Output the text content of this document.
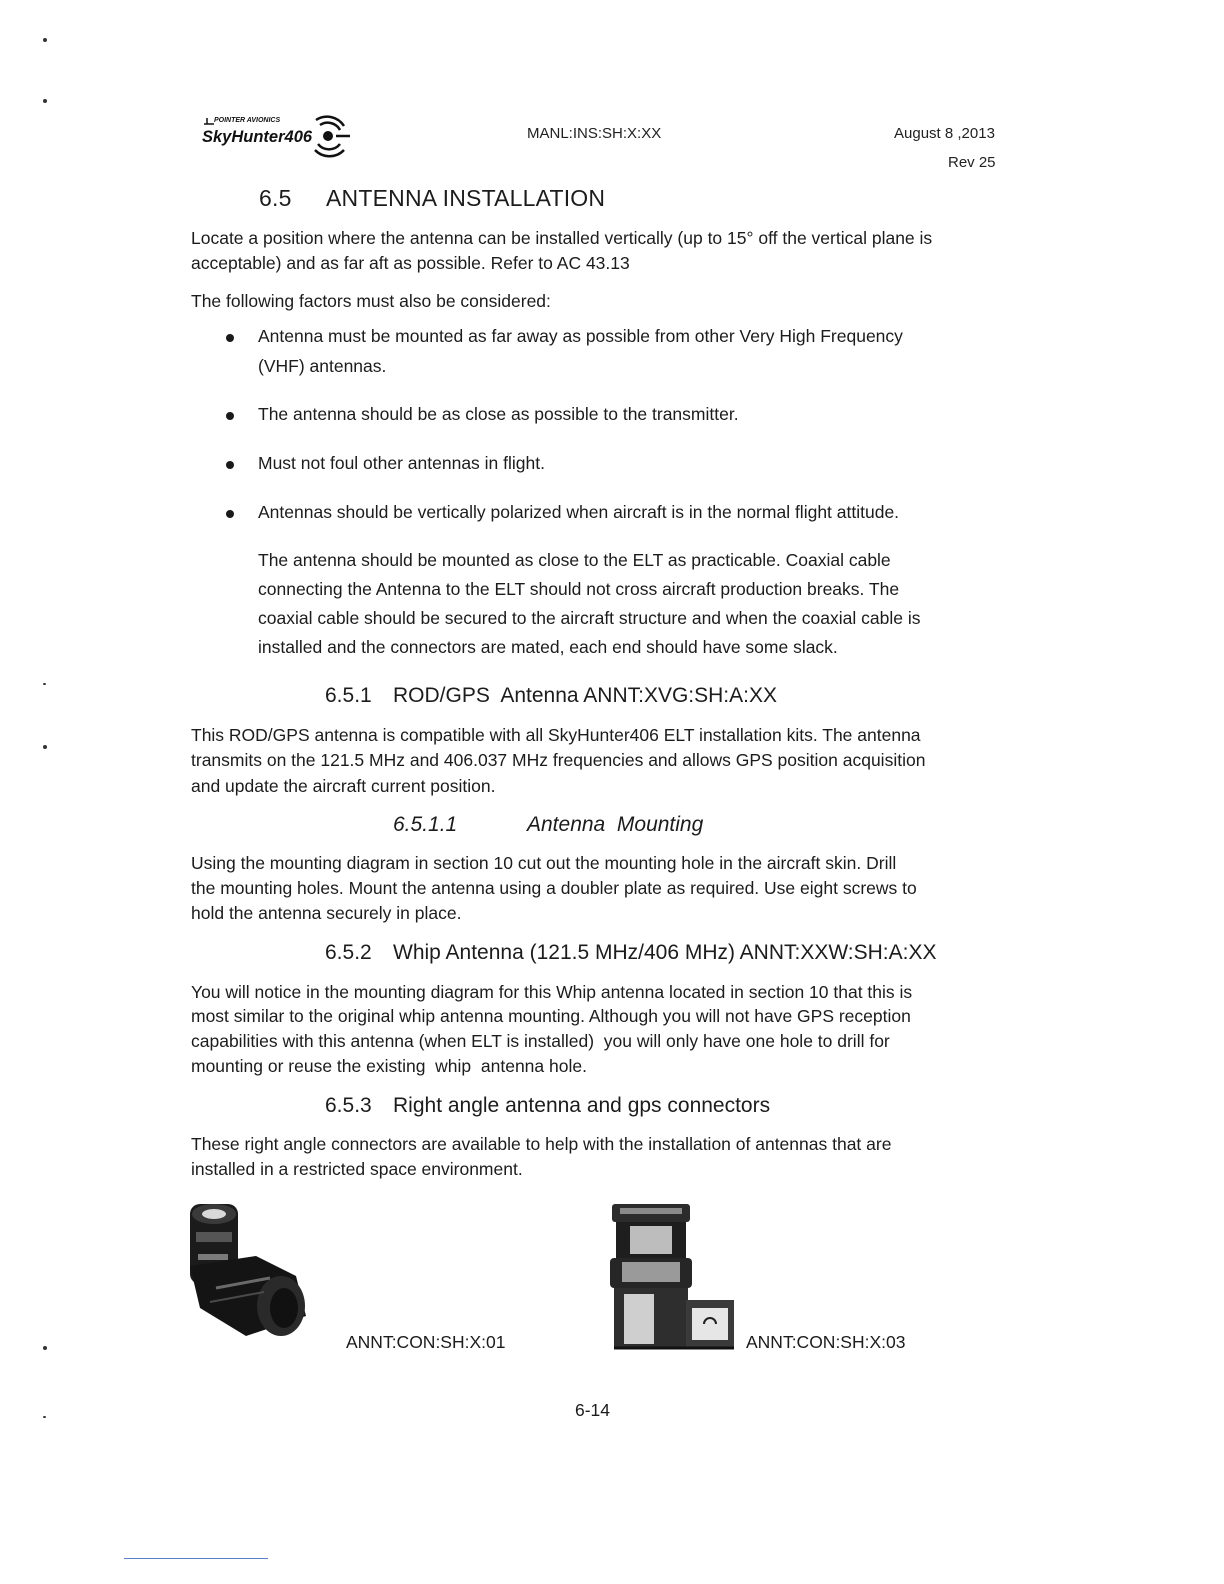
POINTER AVIONICS
SkyHunter406	MANL:INS:SH:X:XX	August 8 ,2013
Rev 25
6.5 ANTENNA INSTALLATION
Locate a position where the antenna can be installed vertically (up to 15° off the vertical plane is
acceptable) and as far aft as possible. Refer to AC 43.13
The following factors must also be considered:
Antenna must be mounted as far away as possible from other Very High Frequency
(VHF) antennas.
The antenna should be as close as possible to the transmitter.
Must not foul other antennas in flight.
Antennas should be vertically polarized when aircraft is in the normal flight attitude.
The antenna should be mounted as close to the ELT as practicable. Coaxial cable
connecting the Antenna to the ELT should not cross aircraft production breaks. The
coaxial cable should be secured to the aircraft structure and when the coaxial cable is
installed and the connectors are mated, each end should have some slack.
6.5.1 ROD/GPS  Antenna ANNT:XVG:SH:A:XX
This ROD/GPS antenna is compatible with all SkyHunter406 ELT installation kits. The antenna
transmits on the 121.5 MHz and 406.037 MHz frequencies and allows GPS position acquisition
and update the aircraft current position.
6.5.1.1	Antenna  Mounting
Using the mounting diagram in section 10 cut out the mounting hole in the aircraft skin. Drill
the mounting holes. Mount the antenna using a doubler plate as required. Use eight screws to
hold the antenna securely in place.
6.5.2 Whip Antenna (121.5 MHz/406 MHz) ANNT:XXW:SH:A:XX
You will notice in the mounting diagram for this Whip antenna located in section 10 that this is
most similar to the original whip antenna mounting. Although you will not have GPS reception
capabilities with this antenna (when ELT is installed)  you will only have one hole to drill for
mounting or reuse the existing  whip  antenna hole.
6.5.3 Right angle antenna and gps connectors
These right angle connectors are available to help with the installation of antennas that are
installed in a restricted space environment.
ANNT:CON:SH:X:01	ANNT:CON:SH:X:03
6-14
